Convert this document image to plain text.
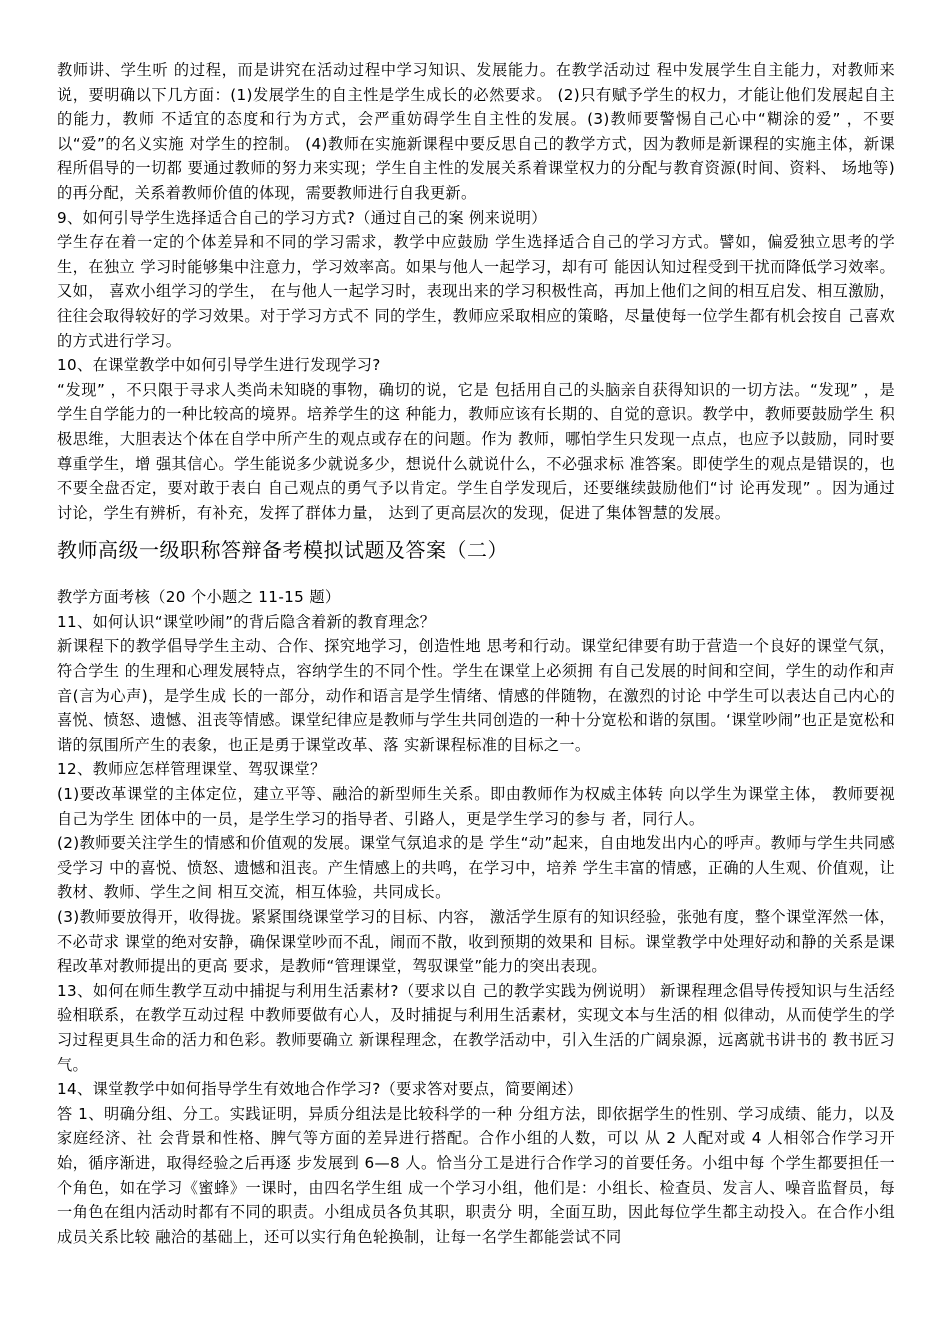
教师讲、学生听 的过程，而是讲究在活动过程中学习知识、发展能力。在教学活动过 程中发展学生自主能力，对教师来说，要明确以下几方面：(1)发展学生的自主性是学生成长的必然要求。 (2)只有赋予学生的权力，才能让他们发展起自主的能力，教师 不适宜的态度和行为方式，会严重妨碍学生自主性的发展。(3)教师要警惕自己心中“糊涂的爱” ，不要以“爱”的名义实施 对学生的控制。 (4)教师在实施新课程中要反思自己的教学方式，因为教师是新课程的实施主体，新课程所倡导的一切都 要通过教师的努力来实现；学生自主性的发展关系着课堂权力的分配与教育资源(时间、资料、 场地等)的再分配，关系着教师价值的体现，需要教师进行自我更新。

9、如何引导学生选择适合自己的学习方式?（通过自己的案 例来说明）

学生存在着一定的个体差异和不同的学习需求，教学中应鼓励 学生选择适合自己的学习方式。譬如，偏爱独立思考的学生，在独立 学习时能够集中注意力，学习效率高。如果与他人一起学习，却有可 能因认知过程受到干扰而降低学习效率。又如， 喜欢小组学习的学生， 在与他人一起学习时，表现出来的学习积极性高，再加上他们之间的相互启发、相互激励，往往会取得较好的学习效果。对于学习方式不 同的学生，教师应采取相应的策略，尽量使每一位学生都有机会按自 己喜欢的方式进行学习。

10、在课堂教学中如何引导学生进行发现学习?

“发现” ，不只限于寻求人类尚未知晓的事物，确切的说，它是 包括用自己的头脑亲自获得知识的一切方法。“发现” ，是学生自学能力的一种比较高的境界。培养学生的这 种能力，教师应该有长期的、自觉的意识。教学中，教师要鼓励学生 积极思维，大胆表达个体在自学中所产生的观点或存在的问题。作为 教师，哪怕学生只发现一点点，也应予以鼓励，同时要尊重学生，增 强其信心。学生能说多少就说多少，想说什么就说什么，不必强求标 准答案。即使学生的观点是错误的，也不要全盘否定，要对敢于表白 自己观点的勇气予以肯定。学生自学发现后，还要继续鼓励他们“讨 论再发现” 。因为通过讨论，学生有辨析，有补充，发挥了群体力量， 达到了更高层次的发现，促进了集体智慧的发展。

教师高级一级职称答辩备考模拟试题及答案（二）

教学方面考核（20 个小题之 11-15 题）

11、如何认识“课堂吵闹”的背后隐含着新的教育理念？

新课程下的教学倡导学生主动、合作、探究地学习，创造性地 思考和行动。课堂纪律要有助于营造一个良好的课堂气氛，符合学生 的生理和心理发展特点，容纳学生的不同个性。学生在课堂上必须拥 有自己发展的时间和空间，学生的动作和声音(言为心声)，是学生成 长的一部分，动作和语言是学生情绪、情感的伴随物，在激烈的讨论 中学生可以表达自己内心的喜悦、愤怒、遗憾、沮丧等情感。课堂纪律应是教师与学生共同创造的一种十分宽松和谐的氛围。‘课堂吵闹”也正是宽松和谐的氛围所产生的表象，也正是勇于课堂改革、落 实新课程标准的目标之一。

12、教师应怎样管理课堂、驾驭课堂？

(1)要改革课堂的主体定位，建立平等、融洽的新型师生关系。即由教师作为权威主体转 向以学生为课堂主体， 教师要视自己为学生 团体中的一员，是学生学习的指导者、引路人，更是学生学习的参与 者，同行人。

(2)教师要关注学生的情感和价值观的发展。课堂气氛追求的是 学生“动”起来，自由地发出内心的呼声。教师与学生共同感受学习 中的喜悦、愤怒、遗憾和沮丧。产生情感上的共鸣，在学习中，培养 学生丰富的情感，正确的人生观、价值观，让教材、教师、学生之间 相互交流，相互体验，共同成长。

(3)教师要放得开，收得拢。紧紧围绕课堂学习的目标、内容， 激活学生原有的知识经验，张弛有度，整个课堂浑然一体，不必苛求 课堂的绝对安静，确保课堂吵而不乱，闹而不散，收到预期的效果和 目标。课堂教学中处理好动和静的关系是课程改革对教师提出的更高 要求，是教师“管理课堂，驾驭课堂”能力的突出表现。

13、如何在师生教学互动中捕捉与利用生活素材?（要求以自 己的教学实践为例说明） 新课程理念倡导传授知识与生活经验相联系，在教学互动过程 中教师要做有心人，及时捕捉与利用生活素材，实现文本与生活的相 似律动，从而使学生的学习过程更具生命的活力和色彩。教师要确立 新课程理念，在教学活动中，引入生活的广阔泉源，远离就书讲书的 教书匠习气。

14、课堂教学中如何指导学生有效地合作学习?（要求答对要点，简要阐述）

答 1、明确分组、分工。实践证明，异质分组法是比较科学的一种 分组方法，即依据学生的性别、学习成绩、能力，以及家庭经济、社 会背景和性格、脾气等方面的差异进行搭配。合作小组的人数，可以 从 2 人配对或 4 人相邻合作学习开始，循序渐进，取得经验之后再逐 步发展到 6—8 人。恰当分工是进行合作学习的首要任务。小组中每 个学生都要担任一个角色，如在学习《蜜蜂》一课时，由四名学生组 成一个学习小组，他们是：小组长、检查员、发言人、噪音监督员，每一角色在组内活动时都有不同的职责。小组成员各负其职，职责分 明，全面互助，因此每位学生都主动投入。在合作小组成员关系比较 融洽的基础上，还可以实行角色轮换制，让每一名学生都能尝试不同
